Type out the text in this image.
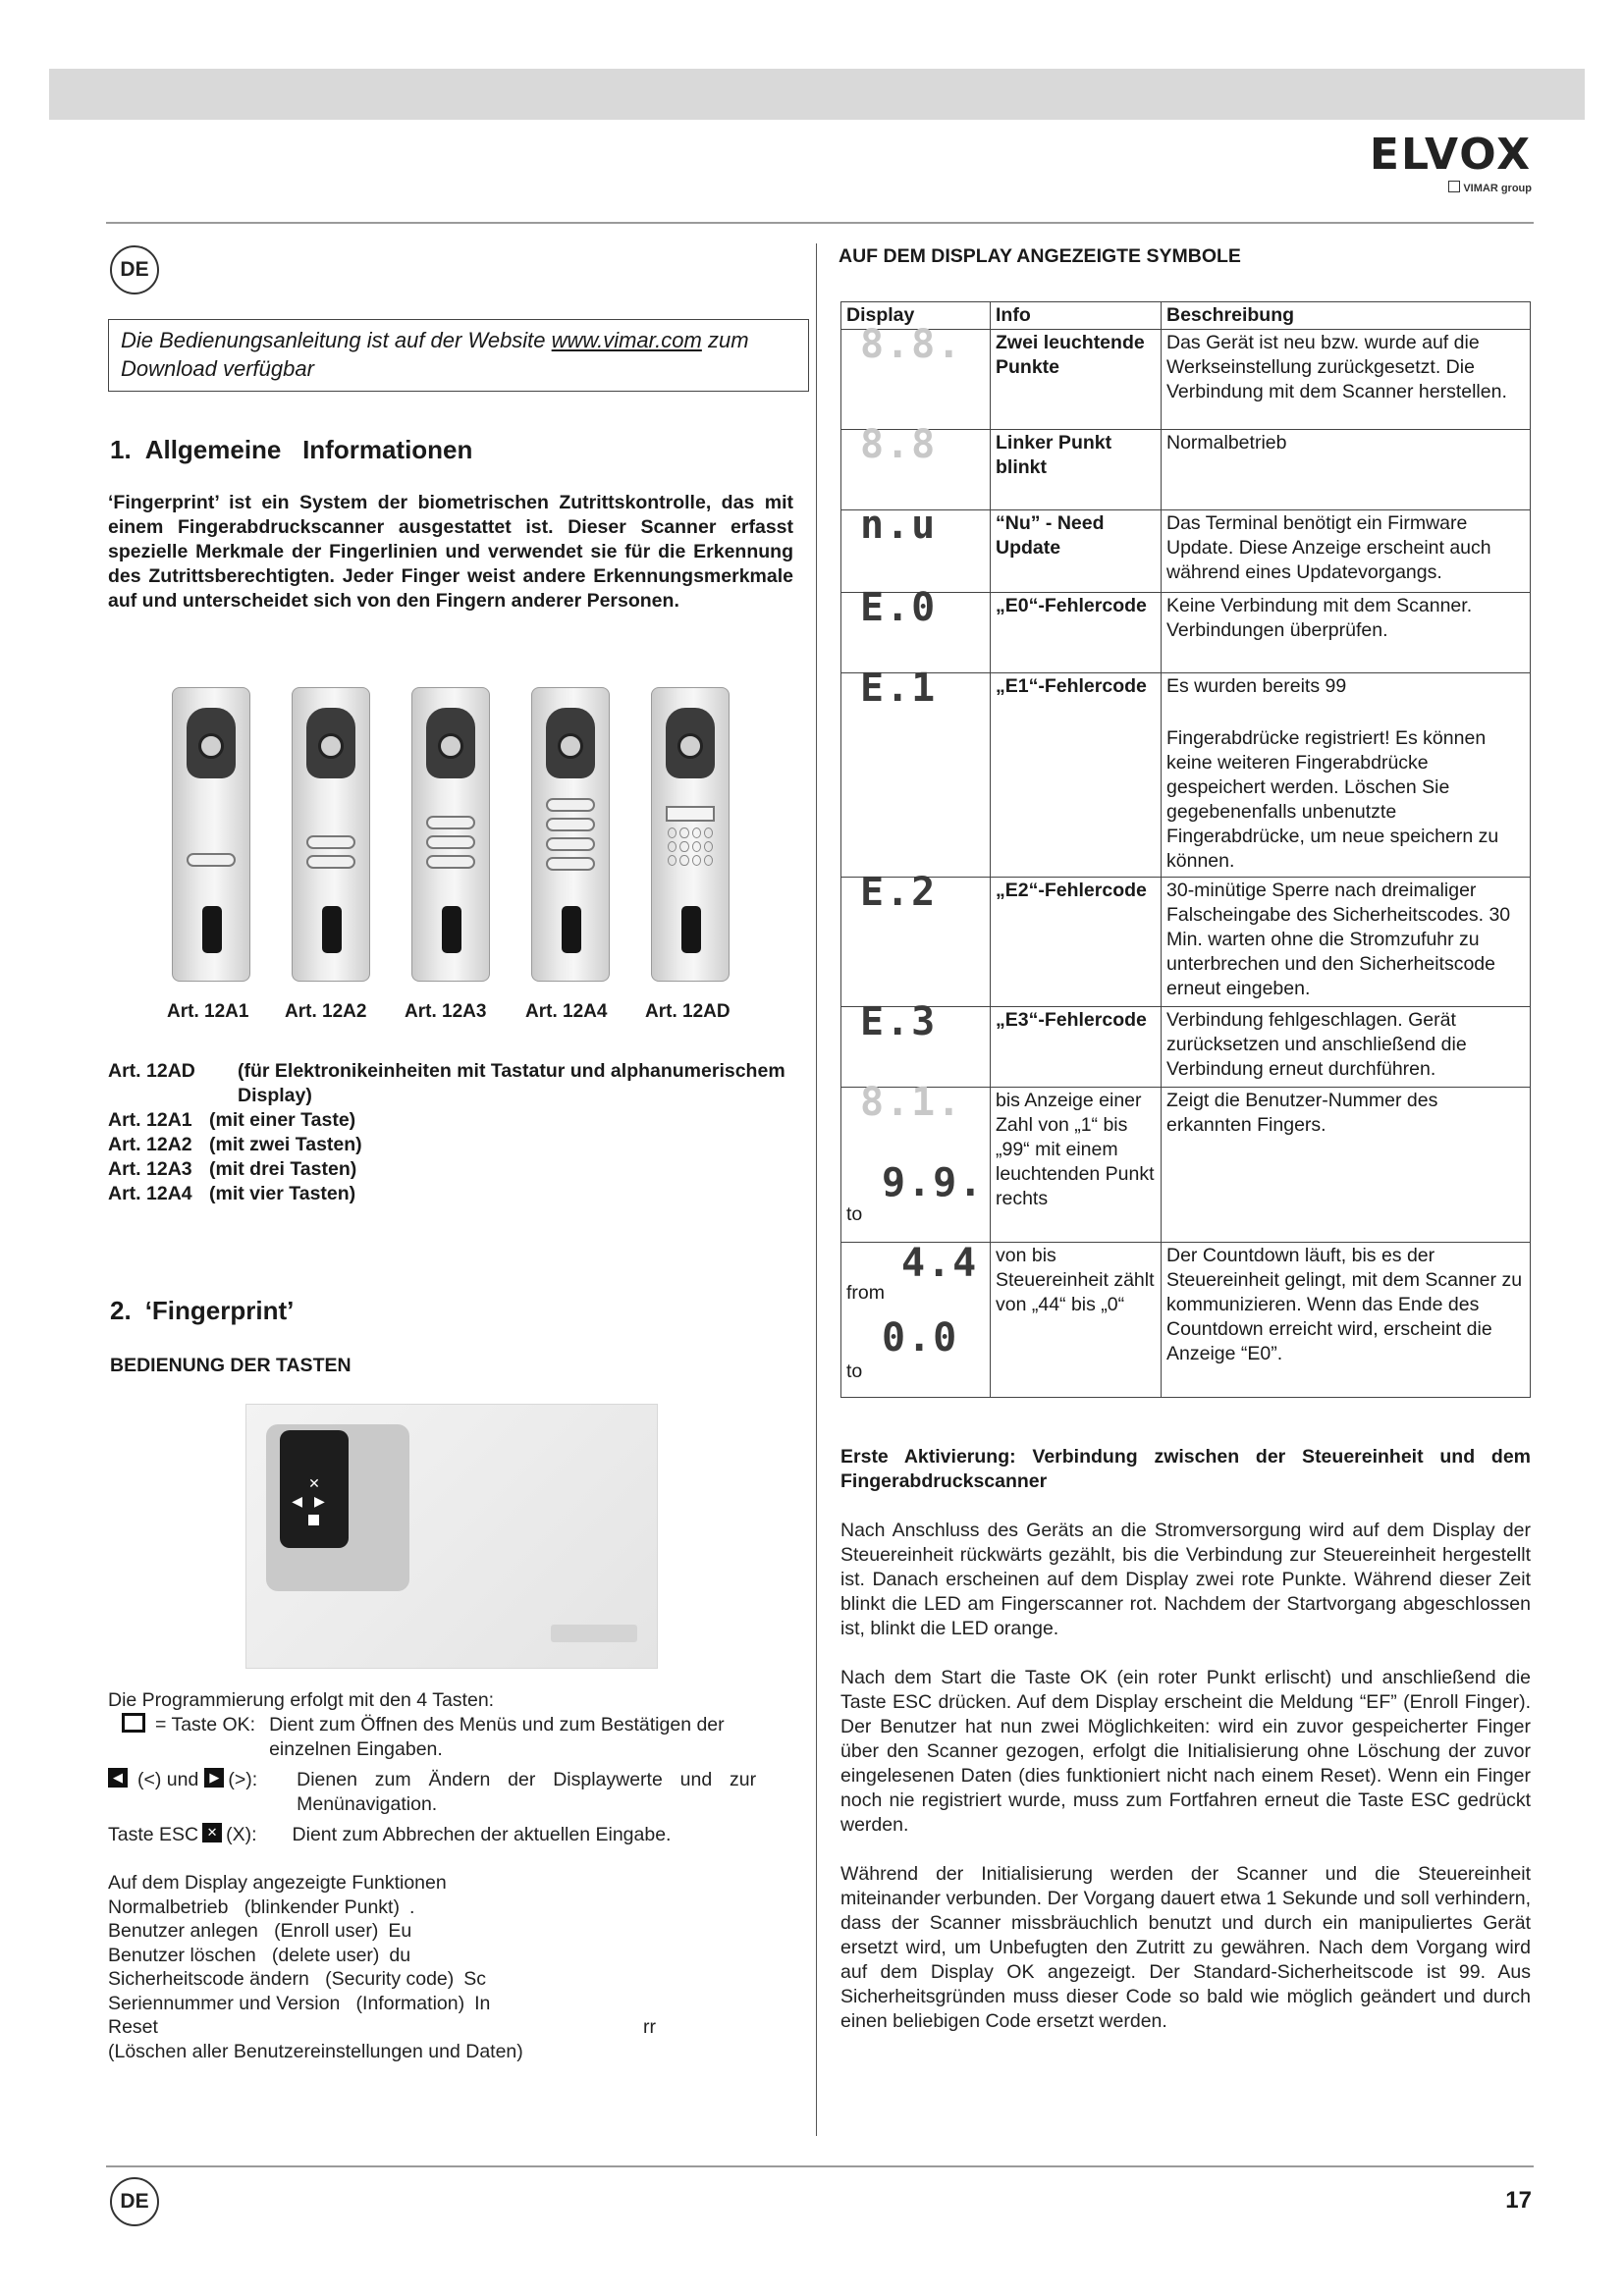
ELVOX
VIMAR group
DE
Die Bedienungsanleitung ist auf der Website www.vimar.com zum Download verfügbar
1. Allgemeine   Informationen
‘Fingerprint’ ist ein System der biometrischen Zutrittskontrolle, das mit einem Fingerabdruckscanner ausgestattet ist. Dieser Scanner erfasst spezielle Merkmale der Fingerlinien und verwendet sie für die Erkennung des Zutrittsberechtigten. Jeder Finger weist andere Erkennungsmerkmale auf und unterscheidet sich von den Fingern anderer Personen.
Art. 12A1 Art. 12A2 Art. 12A3 Art. 12A4 Art. 12AD
Art. 12AD	(für Elektronikeinheiten mit Tastatur und alphanumerischem Display)
Art. 12A1 (mit einer Taste)
Art. 12A2 (mit zwei Tasten)
Art. 12A3 (mit drei Tasten)
Art. 12A4 (mit vier Tasten)
2. ‘Fingerprint’
BEDIENUNG DER TASTEN
✕
◀▶
Die Programmierung erfolgt mit den 4 Tasten:
= Taste OK: Dient zum Öffnen des Menüs und zum Bestätigen der einzelnen Eingaben.
◀ (<) und ▶ (>): Dienen zum Ändern der Displaywerte und zur Menünavigation.
Taste ESC ✕ (X): Dient zum Abbrechen der aktuellen Eingabe.
Auf dem Display angezeigte Funktionen
Normalbetrieb   (blinkender Punkt) .
Benutzer anlegen   (Enroll user) Eu
Benutzer löschen   (delete user) du
Sicherheitscode ändern   (Security code) Sc
Seriennummer und Version   (Information) In
Reset	rr
(Löschen aller Benutzereinstellungen und Daten)
AUF DEM DISPLAY ANGEZEIGTE SYMBOLE
Display	Info	Beschreibung

8.8.	Zwei leuchtende Punkte	Das Gerät ist neu bzw. wurde auf die Werkseinstellung zurückgesetzt. Die Verbindung mit dem Scanner herstellen.

8.8	Linker Punkt blinkt	Normalbetrieb

n.u	“Nu” - Need Update	Das Terminal benötigt ein Firmware Update. Diese Anzeige erscheint auch während eines Updatevorgangs.

E.0	„E0“-Fehlercode	Keine Verbindung mit dem Scanner. Verbindungen überprüfen.

E.1	„E1“-Fehlercode	Es wurden bereits 99
Fingerabdrücke registriert! Es können keine weiteren Fingerabdrücke gespeichert werden. Löschen Sie gegebenenfalls unbenutzte Fingerabdrücke, um neue speichern zu können.

E.2	„E2“-Fehlercode	30-minütige Sperre nach dreimaliger Falscheingabe des Sicherheitscodes. 30 Min. warten ohne die Stromzufuhr zu unterbrechen und den Sicherheitscode erneut eingeben.

E.3	„E3“-Fehlercode	Verbindung fehlgeschlagen. Gerät zurücksetzen und anschließend die Verbindung erneut durchführen.

8.1.
to
9.9.	bis Anzeige einer Zahl von „1“ bis „99“ mit einem leuchtenden Punkt rechts	Zeigt die Benutzer-Nummer des erkannten Fingers.

from
4.4
to
0.0	von bis Steuereinheit zählt von „44“ bis „0“	Der Countdown läuft, bis es der Steuereinheit gelingt, mit dem Scanner zu kommunizieren. Wenn das Ende des Countdown erreicht wird, erscheint die Anzeige “E0”.
Erste Aktivierung: Verbindung zwischen der Steuereinheit und dem Fingerabdruckscanner
Nach Anschluss des Geräts an die Stromversorgung wird auf dem Display der Steuereinheit rückwärts gezählt, bis die Verbindung zur Steuereinheit hergestellt ist. Danach erscheinen auf dem Display zwei rote Punkte. Während dieser Zeit blinkt die LED am Fingerscanner rot. Nachdem der Startvorgang abgeschlossen ist, blinkt die LED orange.
Nach dem Start die Taste OK (ein roter Punkt erlischt) und anschließend die Taste ESC drücken. Auf dem Display erscheint die Meldung “EF” (Enroll Finger). Der Benutzer hat nun zwei Möglichkeiten: wird ein zuvor gespeicherter Finger über den Scanner gezogen, erfolgt die Initialisierung ohne Löschung der zuvor eingelesenen Daten (dies funktioniert nicht nach einem Reset). Wenn ein Finger noch nie registriert wurde, muss zum Fortfahren erneut die Taste ESC gedrückt werden.
Während der Initialisierung werden der Scanner und die Steuereinheit miteinander verbunden. Der Vorgang dauert etwa 1 Sekunde und soll verhindern, dass der Scanner missbräuchlich benutzt und durch ein manipuliertes Gerät ersetzt wird, um Unbefugten den Zutritt zu gewähren. Nach dem Vorgang wird auf dem Display OK angezeigt. Der Standard-Sicherheitscode ist 99. Aus Sicherheitsgründen muss dieser Code so bald wie möglich geändert und durch einen beliebigen Code ersetzt werden.
DE	17
